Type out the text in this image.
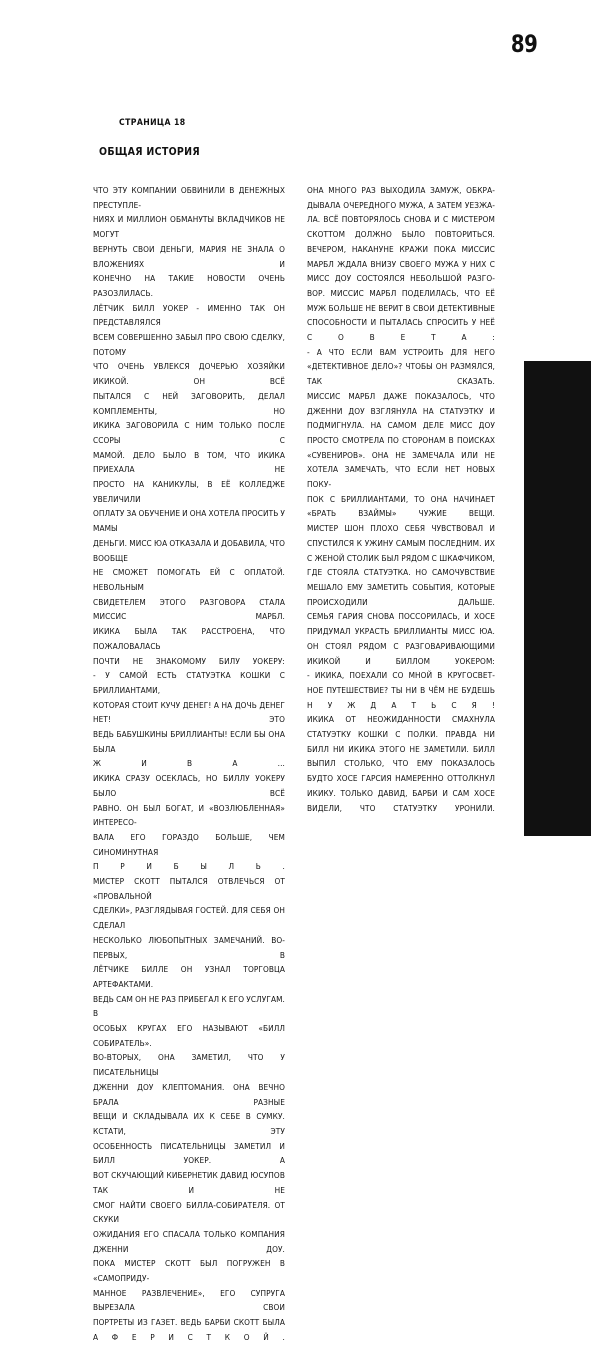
89
СТРАНИЦА 18
ОБЩАЯ ИСТОРИЯ

ЧТО ЭТУ КОМПАНИИ ОБВИНИЛИ В ДЕНЕЖНЫХ ПРЕСТУПЛЕ-

НИЯХ И МИЛЛИОН ОБМАНУТЫ ВКЛАДЧИКОВ НЕ МОГУТ

ВЕРНУТЬ СВОИ ДЕНЬГИ, МАРИЯ НЕ ЗНАЛА О ВЛОЖЕНИЯХ И

КОНЕЧНО НА ТАКИЕ НОВОСТИ ОЧЕНЬ РАЗОЗЛИЛАСЬ.

ЛЁТЧИК БИЛЛ УОКЕР - ИМЕННО ТАК ОН ПРЕДСТАВЛЯЛСЯ

ВСЕМ СОВЕРШЕННО ЗАБЫЛ ПРО СВОЮ СДЕЛКУ, ПОТОМУ

ЧТО ОЧЕНЬ УВЛЕКСЯ ДОЧЕРЬЮ ХОЗЯЙКИ ИКИКОЙ. ОН ВСЁ

ПЫТАЛСЯ С НЕЙ ЗАГОВОРИТЬ, ДЕЛАЛ КОМПЛЕМЕНТЫ, НО

ИКИКА ЗАГОВОРИЛА С НИМ ТОЛЬКО ПОСЛЕ ССОРЫ С

МАМОЙ. ДЕЛО БЫЛО В ТОМ, ЧТО ИКИКА ПРИЕХАЛА НЕ

ПРОСТО НА КАНИКУЛЫ, В ЕЁ КОЛЛЕДЖЕ УВЕЛИЧИЛИ

ОПЛАТУ ЗА ОБУЧЕНИЕ И ОНА ХОТЕЛА ПРОСИТЬ У МАМЫ

ДЕНЬГИ. МИСС ЮА ОТКАЗАЛА И ДОБАВИЛА, ЧТО ВООБЩЕ

НЕ СМОЖЕТ ПОМОГАТЬ ЕЙ С ОПЛАТОЙ. НЕВОЛЬНЫМ

СВИДЕТЕЛЕМ ЭТОГО РАЗГОВОРА СТАЛА МИССИС МАРБЛ.

ИКИКА БЫЛА ТАК РАССТРОЕНА, ЧТО ПОЖАЛОВАЛАСЬ

ПОЧТИ НЕ ЗНАКОМОМУ БИЛУ УОКЕРУ:

- У САМОЙ ЕСТЬ СТАТУЭТКА КОШКИ С БРИЛЛИАНТАМИ,

КОТОРАЯ СТОИТ КУЧУ ДЕНЕГ! А НА ДОЧЬ ДЕНЕГ НЕТ! ЭТО

ВЕДЬ БАБУШКИНЫ БРИЛЛИАНТЫ! ЕСЛИ БЫ ОНА БЫЛА

Ж И В А ...

ИКИКА СРАЗУ ОСЕКЛАСЬ, НО БИЛЛУ УОКЕРУ БЫЛО ВСЁ

РАВНО. ОН БЫЛ БОГАТ, И «ВОЗЛЮБЛЕННАЯ» ИНТЕРЕСО-

ВАЛА ЕГО ГОРАЗДО БОЛЬШЕ, ЧЕМ СИНОМИНУТНАЯ

П Р И Б Ы Л Ь .

МИСТЕР СКОТТ ПЫТАЛСЯ ОТВЛЕЧЬСЯ ОТ «ПРОВАЛЬНОЙ

СДЕЛКИ», РАЗГЛЯДЫВАЯ ГОСТЕЙ. ДЛЯ СЕБЯ ОН СДЕЛАЛ

НЕСКОЛЬКО ЛЮБОПЫТНЫХ ЗАМЕЧАНИЙ. ВО-ПЕРВЫХ, В

ЛЁТЧИКЕ БИЛЛЕ ОН УЗНАЛ ТОРГОВЦА АРТЕФАКТАМИ.

ВЕДЬ САМ ОН НЕ РАЗ ПРИБЕГАЛ К ЕГО УСЛУГАМ. В

ОСОБЫХ КРУГАХ ЕГО НАЗЫВАЮТ «БИЛЛ СОБИРАТЕЛЬ».

ВО-ВТОРЫХ, ОНА ЗАМЕТИЛ, ЧТО У ПИСАТЕЛЬНИЦЫ

ДЖЕННИ ДОУ КЛЕПТОМАНИЯ. ОНА ВЕЧНО БРАЛА РАЗНЫЕ

ВЕЩИ И СКЛАДЫВАЛА ИХ К СЕБЕ В СУМКУ. КСТАТИ, ЭТУ

ОСОБЕННОСТЬ ПИСАТЕЛЬНИЦЫ ЗАМЕТИЛ И БИЛЛ УОКЕР. А

ВОТ СКУЧАЮЩИЙ КИБЕРНЕТИК ДАВИД ЮСУПОВ ТАК И НЕ

СМОГ НАЙТИ СВОЕГО БИЛЛА-СОБИРАТЕЛЯ. ОТ СКУКИ

ОЖИДАНИЯ ЕГО СПАСАЛА ТОЛЬКО КОМПАНИЯ

ДЖЕННИ ДОУ.

ПОКА МИСТЕР СКОТТ БЫЛ ПОГРУЖЕН В «САМОПРИДУ-

МАННОЕ РАЗВЛЕЧЕНИЕ», ЕГО СУПРУГА ВЫРЕЗАЛА СВОИ

ПОРТРЕТЫ ИЗ ГАЗЕТ. ВЕДЬ БАРБИ СКОТТ БЫЛА

А Ф Е Р И С Т К О Й .

ОНА МНОГО РАЗ ВЫХОДИЛА ЗАМУЖ, ОБКРА-

ДЫВАЛА ОЧЕРЕДНОГО МУЖА, А ЗАТЕМ УЕЗЖА-

ЛА. ВСЁ ПОВТОРЯЛОСЬ СНОВА И С МИСТЕРОМ

СКОТТОМ ДОЛЖНО БЫЛО ПОВТОРИТЬСЯ.

ВЕЧЕРОМ, НАКАНУНЕ КРАЖИ ПОКА МИССИС

МАРБЛ ЖДАЛА ВНИЗУ СВОЕГО МУЖА У НИХ С

МИСС ДОУ СОСТОЯЛСЯ НЕБОЛЬШОЙ РАЗГО-

ВОР. МИССИС МАРБЛ ПОДЕЛИЛАСЬ, ЧТО ЕЁ

МУЖ БОЛЬШЕ НЕ ВЕРИТ В СВОИ ДЕТЕКТИВНЫЕ

СПОСОБНОСТИ И ПЫТАЛАСЬ СПРОСИТЬ У НЕЁ

С О В Е Т А :

- А ЧТО ЕСЛИ ВАМ УСТРОИТЬ ДЛЯ НЕГО

«ДЕТЕКТИВНОЕ ДЕЛО»? ЧТОБЫ ОН РАЗМЯЛСЯ,

ТАК СКАЗАТЬ.

МИССИС МАРБЛ ДАЖЕ ПОКАЗАЛОСЬ, ЧТО

ДЖЕННИ ДОУ ВЗГЛЯНУЛА НА СТАТУЭТКУ И

ПОДМИГНУЛА. НА САМОМ ДЕЛЕ МИСС ДОУ

ПРОСТО СМОТРЕЛА ПО СТОРОНАМ В ПОИСКАХ

«СУВЕНИРОВ». ОНА НЕ ЗАМЕЧАЛА ИЛИ НЕ

ХОТЕЛА ЗАМЕЧАТЬ, ЧТО ЕСЛИ НЕТ НОВЫХ ПОКУ-

ПОК С БРИЛЛИАНТАМИ, ТО ОНА НАЧИНАЕТ

«БРАТЬ ВЗАЙМЫ» ЧУЖИЕ ВЕЩИ.

МИСТЕР ШОН ПЛОХО СЕБЯ ЧУВСТВОВАЛ И

СПУСТИЛСЯ К УЖИНУ САМЫМ ПОСЛЕДНИМ. ИХ

С ЖЕНОЙ СТОЛИК БЫЛ РЯДОМ С ШКАФЧИКОМ,

ГДЕ СТОЯЛА СТАТУЭТКА. НО САМОЧУВСТВИЕ

МЕШАЛО ЕМУ ЗАМЕТИТЬ СОБЫТИЯ, КОТОРЫЕ

ПРОИСХОДИЛИ ДАЛЬШЕ.

СЕМЬЯ ГАРИЯ СНОВА ПОССОРИЛАСЬ, И ХОСЕ

ПРИДУМАЛ УКРАСТЬ БРИЛЛИАНТЫ МИСС ЮА.

ОН СТОЯЛ РЯДОМ С РАЗГОВАРИВАЮЩИМИ

ИКИКОЙ И БИЛЛОМ УОКЕРОМ:

- ИКИКА, ПОЕХАЛИ СО МНОЙ В КРУГОСВЕТ-

НОЕ ПУТЕШЕСТВИЕ? ТЫ НИ В ЧЁМ НЕ БУДЕШЬ

Н У Ж Д А Т Ь С Я !

ИКИКА ОТ НЕОЖИДАННОСТИ СМАХНУЛА

СТАТУЭТКУ КОШКИ С ПОЛКИ. ПРАВДА НИ

БИЛЛ НИ ИКИКА ЭТОГО НЕ ЗАМЕТИЛИ. БИЛЛ

ВЫПИЛ СТОЛЬКО, ЧТО ЕМУ ПОКАЗАЛОСЬ

БУДТО ХОСЕ ГАРСИЯ НАМЕРЕННО ОТТОЛКНУЛ

ИКИКУ. ТОЛЬКО ДАВИД, БАРБИ И САМ ХОСЕ

ВИДЕЛИ, ЧТО СТАТУЭТКУ УРОНИЛИ.
